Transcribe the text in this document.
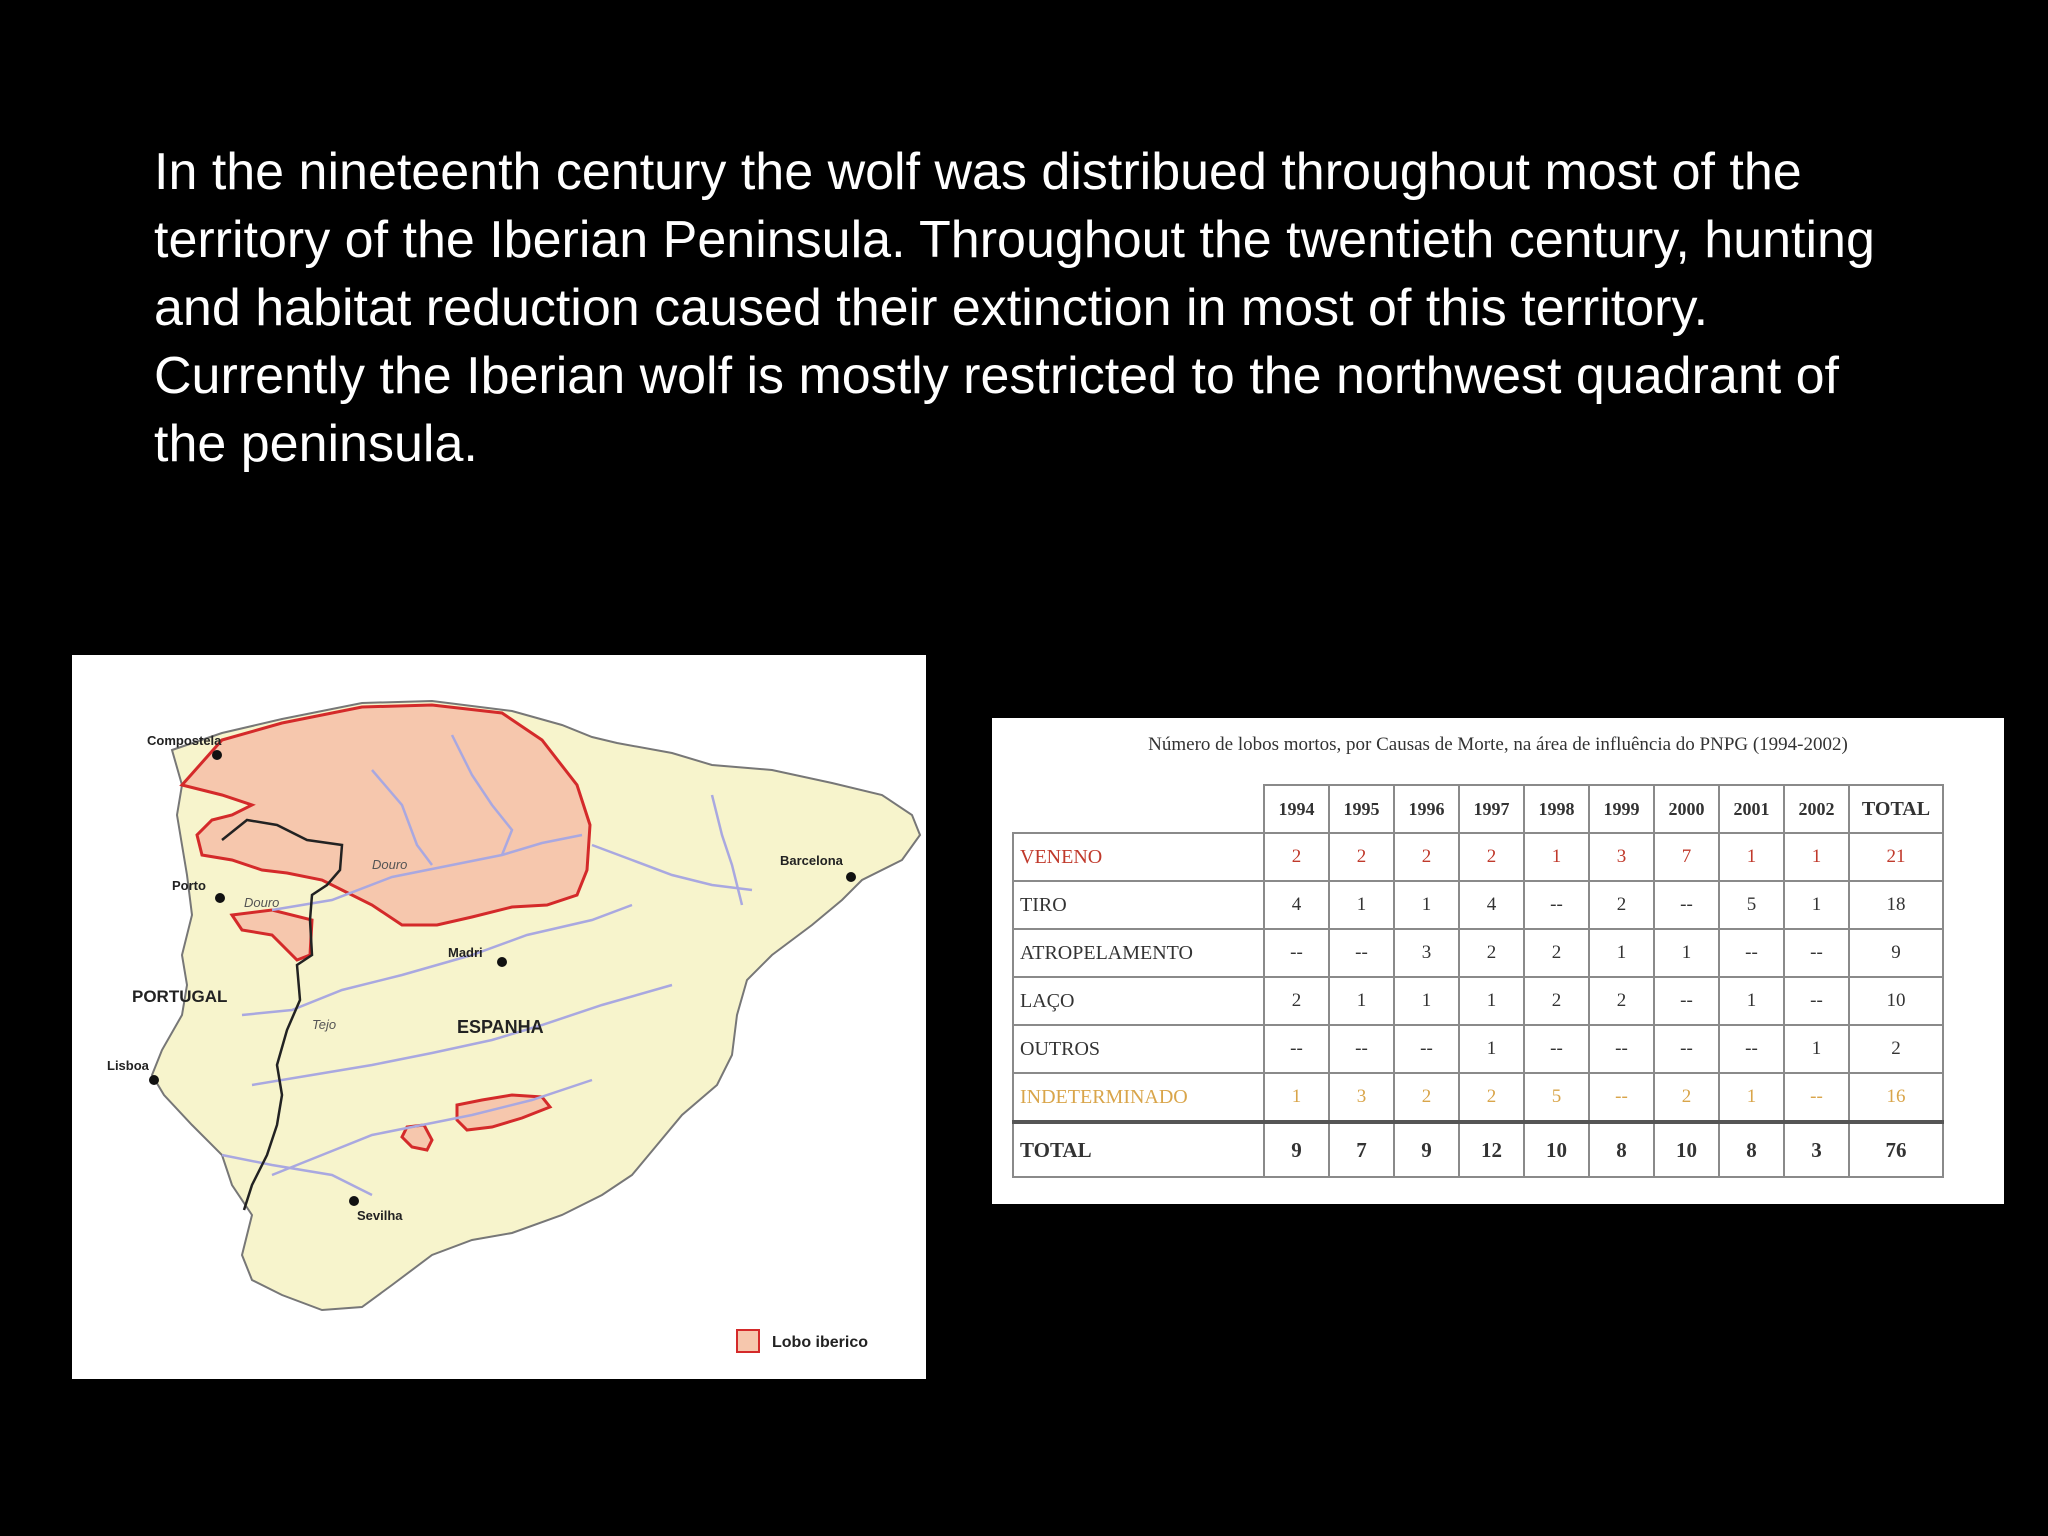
In the nineteenth century the wolf was distribued throughout most of the territory of the Iberian Peninsula. Throughout the twentieth century, hunting and habitat reduction caused their extinction in most of this territory. Currently the Iberian wolf is mostly restricted to the northwest quadrant of the peninsula.

Compostela
Porto
Lisboa
Madri
Barcelona
Sevilha
PORTUGAL
ESPANHA
Douro
Douro
Tejo
Lobo iberico
Número de lobos mortos, por Causas de Morte, na área de influência do PNPG (1994-2002)
	1994	1995	1996	1997	1998	1999	2000	2001	2002	TOTAL
VENENO	2	2	2	2	1	3	7	1	1	21
TIRO	4	1	1	4	--	2	--	5	1	18
ATROPELAMENTO	--	--	3	2	2	1	1	--	--	9
LAÇO	2	1	1	1	2	2	--	1	--	10
OUTROS	--	--	--	1	--	--	--	--	1	2
INDETERMINADO	1	3	2	2	5	--	2	1	--	16
TOTAL	9	7	9	12	10	8	10	8	3	76
